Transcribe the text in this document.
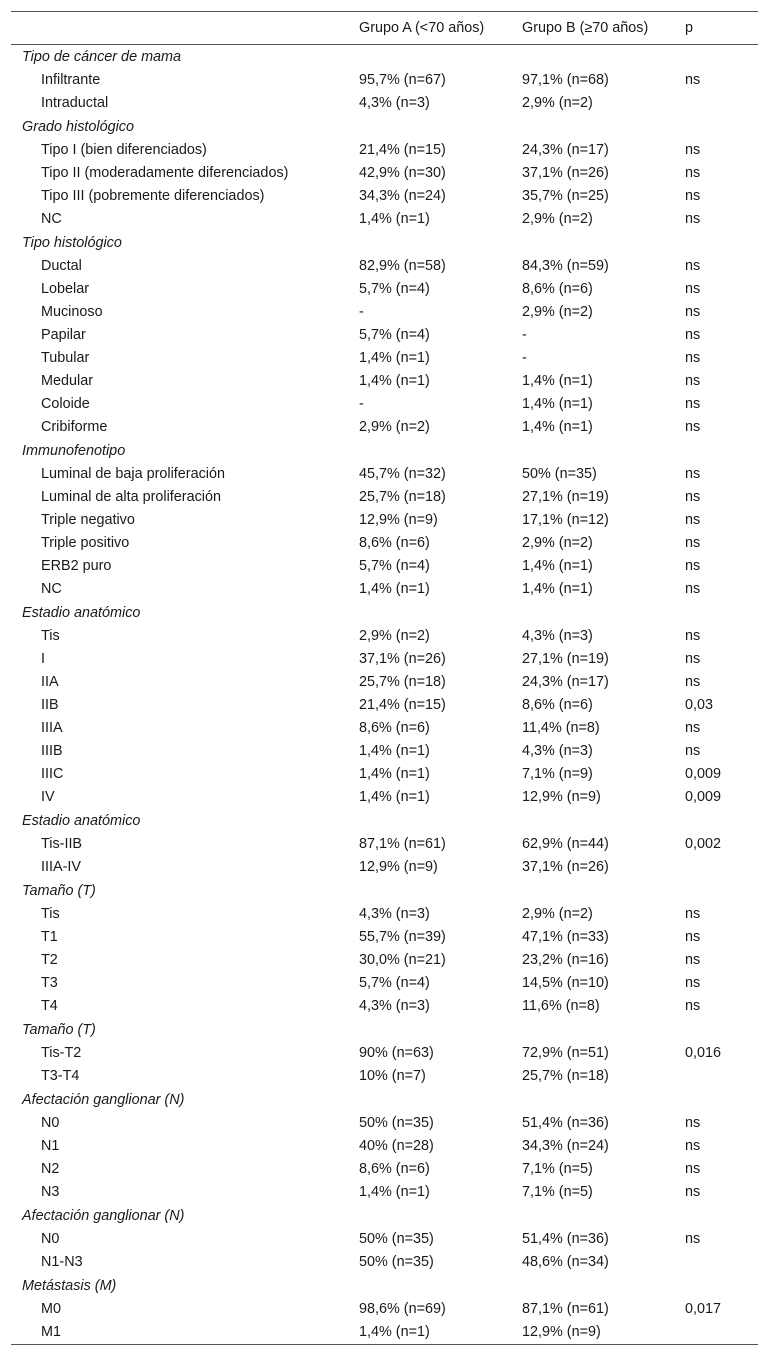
	Grupo A (<70 años)	Grupo B (≥70 años)	p
Tipo de cáncer de mama			
Infiltrante	95,7% (n=67)	97,1% (n=68)	ns
Intraductal	4,3% (n=3)	2,9% (n=2)	
Grado histológico			
Tipo I (bien diferenciados)	21,4% (n=15)	24,3% (n=17)	ns
Tipo II (moderadamente diferenciados)	42,9% (n=30)	37,1% (n=26)	ns
Tipo III (pobremente diferenciados)	34,3% (n=24)	35,7% (n=25)	ns
NC	1,4% (n=1)	2,9% (n=2)	ns
Tipo histológico			
Ductal	82,9% (n=58)	84,3% (n=59)	ns
Lobelar	5,7% (n=4)	8,6% (n=6)	ns
Mucinoso	-	2,9% (n=2)	ns
Papilar	5,7% (n=4)	-	ns
Tubular	1,4% (n=1)	-	ns
Medular	1,4% (n=1)	1,4% (n=1)	ns
Coloide	-	1,4% (n=1)	ns
Cribiforme	2,9% (n=2)	1,4% (n=1)	ns
Immunofenotipo			
Luminal de baja proliferación	45,7% (n=32)	50% (n=35)	ns
Luminal de alta proliferación	25,7% (n=18)	27,1% (n=19)	ns
Triple negativo	12,9% (n=9)	17,1% (n=12)	ns
Triple positivo	8,6% (n=6)	2,9% (n=2)	ns
ERB2 puro	5,7% (n=4)	1,4% (n=1)	ns
NC	1,4% (n=1)	1,4% (n=1)	ns
Estadio anatómico			
Tis	2,9% (n=2)	4,3% (n=3)	ns
I	37,1% (n=26)	27,1% (n=19)	ns
IIA	25,7% (n=18)	24,3% (n=17)	ns
IIB	21,4% (n=15)	8,6% (n=6)	0,03
IIIA	8,6% (n=6)	11,4% (n=8)	ns
IIIB	1,4% (n=1)	4,3% (n=3)	ns
IIIC	1,4% (n=1)	7,1% (n=9)	0,009
IV	1,4% (n=1)	12,9% (n=9)	0,009
Estadio anatómico			
Tis-IIB	87,1% (n=61)	62,9% (n=44)	0,002
IIIA-IV	12,9% (n=9)	37,1% (n=26)	
Tamaño (T)			
Tis	4,3% (n=3)	2,9% (n=2)	ns
T1	55,7% (n=39)	47,1% (n=33)	ns
T2	30,0% (n=21)	23,2% (n=16)	ns
T3	5,7% (n=4)	14,5% (n=10)	ns
T4	4,3% (n=3)	11,6% (n=8)	ns
Tamaño (T)			
Tis-T2	90% (n=63)	72,9% (n=51)	0,016
T3-T4	10% (n=7)	25,7% (n=18)	
Afectación ganglionar (N)			
N0	50% (n=35)	51,4% (n=36)	ns
N1	40% (n=28)	34,3% (n=24)	ns
N2	8,6% (n=6)	7,1% (n=5)	ns
N3	1,4% (n=1)	7,1% (n=5)	ns
Afectación ganglionar (N)			
N0	50% (n=35)	51,4% (n=36)	ns
N1-N3	50% (n=35)	48,6% (n=34)	
Metástasis (M)			
M0	98,6% (n=69)	87,1% (n=61)	0,017
M1	1,4% (n=1)	12,9% (n=9)	
